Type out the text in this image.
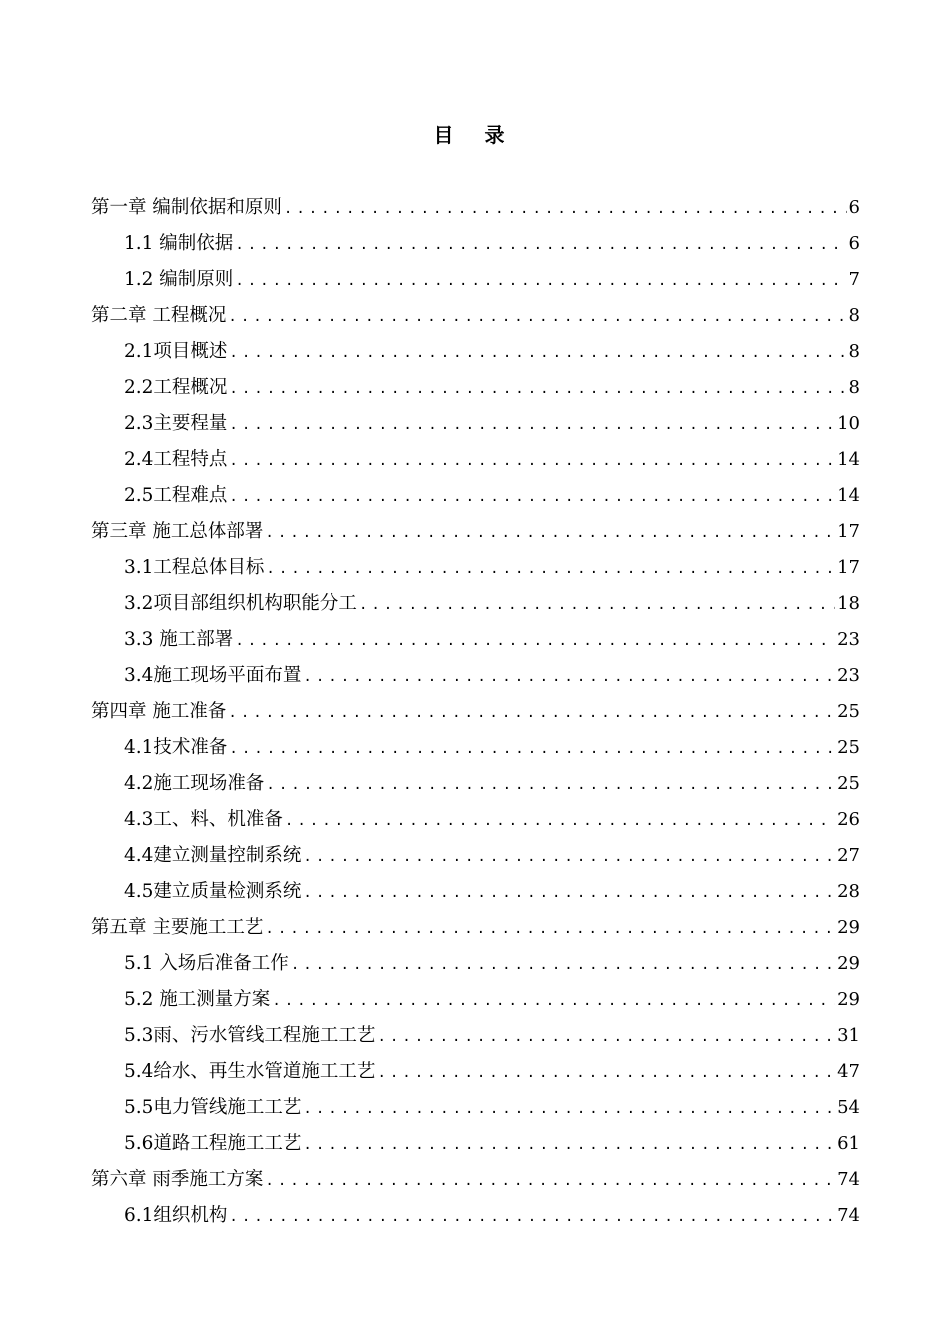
目 录
第一章 编制依据和原则 .....	6
1.1 编制依据 .....	6
1.2 编制原则 .....	7
第二章 工程概况 .....	8
2.1项目概述 .....	8
2.2工程概况 .....	8
2.3主要程量 .....	10
2.4工程特点 .....	14
2.5工程难点 .....	14
第三章 施工总体部署 .....	17
3.1工程总体目标 .....	17
3.2项目部组织机构职能分工 .....	18
3.3 施工部署 .....	23
3.4施工现场平面布置 .....	23
第四章 施工准备 .....	25
4.1技术准备 .....	25
4.2施工现场准备 .....	25
4.3工、料、机准备 .....	26
4.4建立测量控制系统 .....	27
4.5建立质量检测系统 .....	28
第五章 主要施工工艺 .....	29
5.1 入场后准备工作 .....	29
5.2 施工测量方案 .....	29
5.3雨、污水管线工程施工工艺 .....	31
5.4给水、再生水管道施工工艺 .....	47
5.5电力管线施工工艺 .....	54
5.6道路工程施工工艺 .....	61
第六章 雨季施工方案 .....	74
6.1组织机构 .....	74
